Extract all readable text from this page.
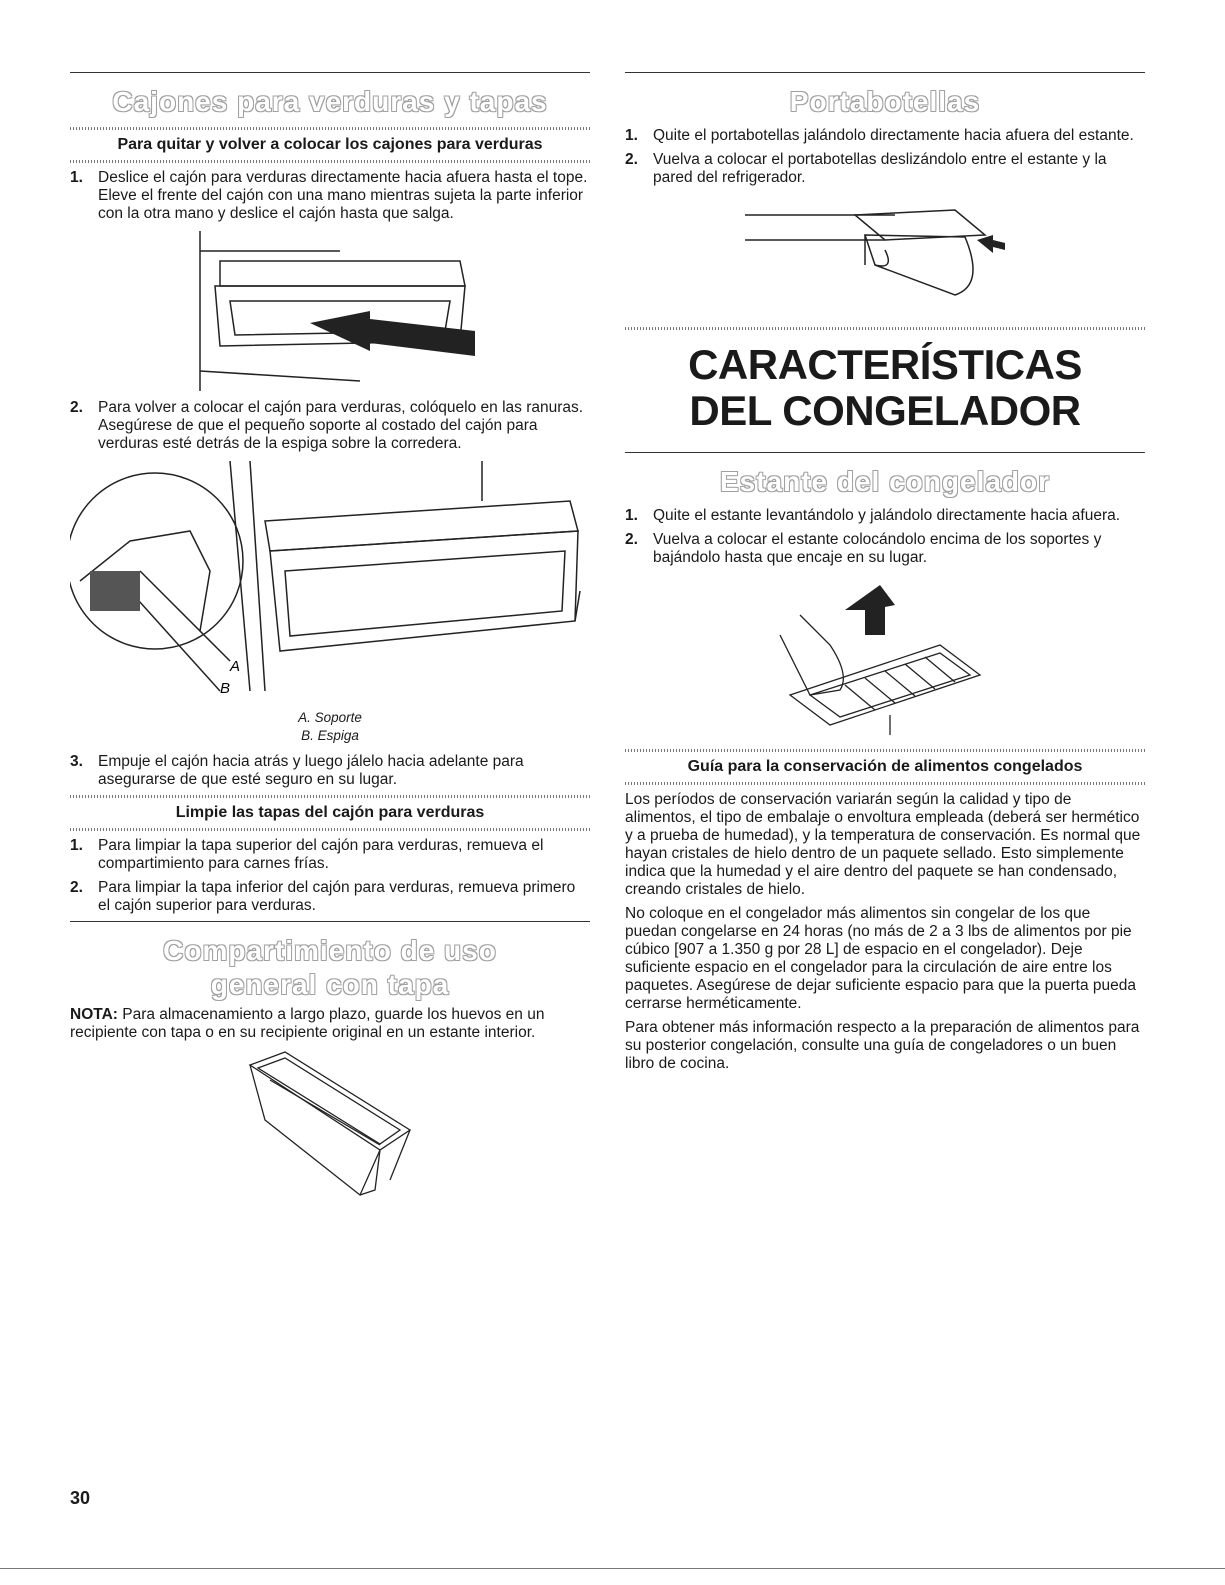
Cajones para verduras y tapas
Para quitar y volver a colocar los cajones para verduras
1. Deslice el cajón para verduras directamente hacia afuera hasta el tope. Eleve el frente del cajón con una mano mientras sujeta la parte inferior con la otra mano y deslice el cajón hasta que salga.
2. Para volver a colocar el cajón para verduras, colóquelo en las ranuras. Asegúrese de que el pequeño soporte al costado del cajón para verduras esté detrás de la espiga sobre la corredera.
A
B
A. Soporte
B. Espiga
3. Empuje el cajón hacia atrás y luego jálelo hacia adelante para asegurarse de que esté seguro en su lugar.
Limpie las tapas del cajón para verduras
1. Para limpiar la tapa superior del cajón para verduras, remueva el compartimiento para carnes frías.
2. Para limpiar la tapa inferior del cajón para verduras, remueva primero el cajón superior para verduras.
Compartimiento de uso
general con tapa

NOTA: Para almacenamiento a largo plazo, guarde los huevos en un recipiente con tapa o en su recipiente original en un estante interior.

Portabotellas
1. Quite el portabotellas jalándolo directamente hacia afuera del estante.
2. Vuelva a colocar el portabotellas deslizándolo entre el estante y la pared del refrigerador.
CARACTERÍSTICAS
DEL CONGELADOR
Estante del congelador
1. Quite el estante levantándolo y jalándolo directamente hacia afuera.
2. Vuelva a colocar el estante colocándolo encima de los soportes y bajándolo hasta que encaje en su lugar.
Guía para la conservación de alimentos congelados

Los períodos de conservación variarán según la calidad y tipo de alimentos, el tipo de embalaje o envoltura empleada (deberá ser hermético y a prueba de humedad), y la temperatura de conservación. Es normal que hayan cristales de hielo dentro de un paquete sellado. Esto simplemente indica que la humedad y el aire dentro del paquete se han condensado, creando cristales de hielo.

No coloque en el congelador más alimentos sin congelar de los que puedan congelarse en 24 horas (no más de 2 a 3 lbs de alimentos por pie cúbico [907 a 1.350 g por 28 L] de espacio en el congelador). Deje suficiente espacio en el congelador para la circulación de aire entre los paquetes. Asegúrese de dejar suficiente espacio para que la puerta pueda cerrarse herméticamente.

Para obtener más información respecto a la preparación de alimentos para su posterior congelación, consulte una guía de congeladores o un buen libro de cocina.

30
